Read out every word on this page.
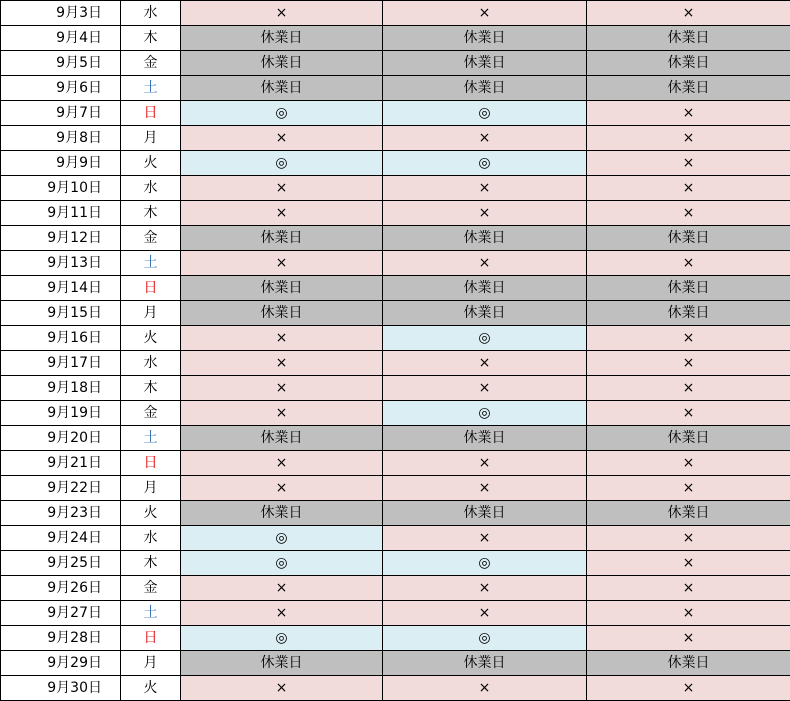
9月3日	水	×	×	×
9月4日	木	休業日	休業日	休業日
9月5日	金	休業日	休業日	休業日
9月6日	土	休業日	休業日	休業日
9月7日	日	◎	◎	×
9月8日	月	×	×	×
9月9日	火	◎	◎	×
9月10日	水	×	×	×
9月11日	木	×	×	×
9月12日	金	休業日	休業日	休業日
9月13日	土	×	×	×
9月14日	日	休業日	休業日	休業日
9月15日	月	休業日	休業日	休業日
9月16日	火	×	◎	×
9月17日	水	×	×	×
9月18日	木	×	×	×
9月19日	金	×	◎	×
9月20日	土	休業日	休業日	休業日
9月21日	日	×	×	×
9月22日	月	×	×	×
9月23日	火	休業日	休業日	休業日
9月24日	水	◎	×	×
9月25日	木	◎	◎	×
9月26日	金	×	×	×
9月27日	土	×	×	×
9月28日	日	◎	◎	×
9月29日	月	休業日	休業日	休業日
9月30日	火	×	×	×
